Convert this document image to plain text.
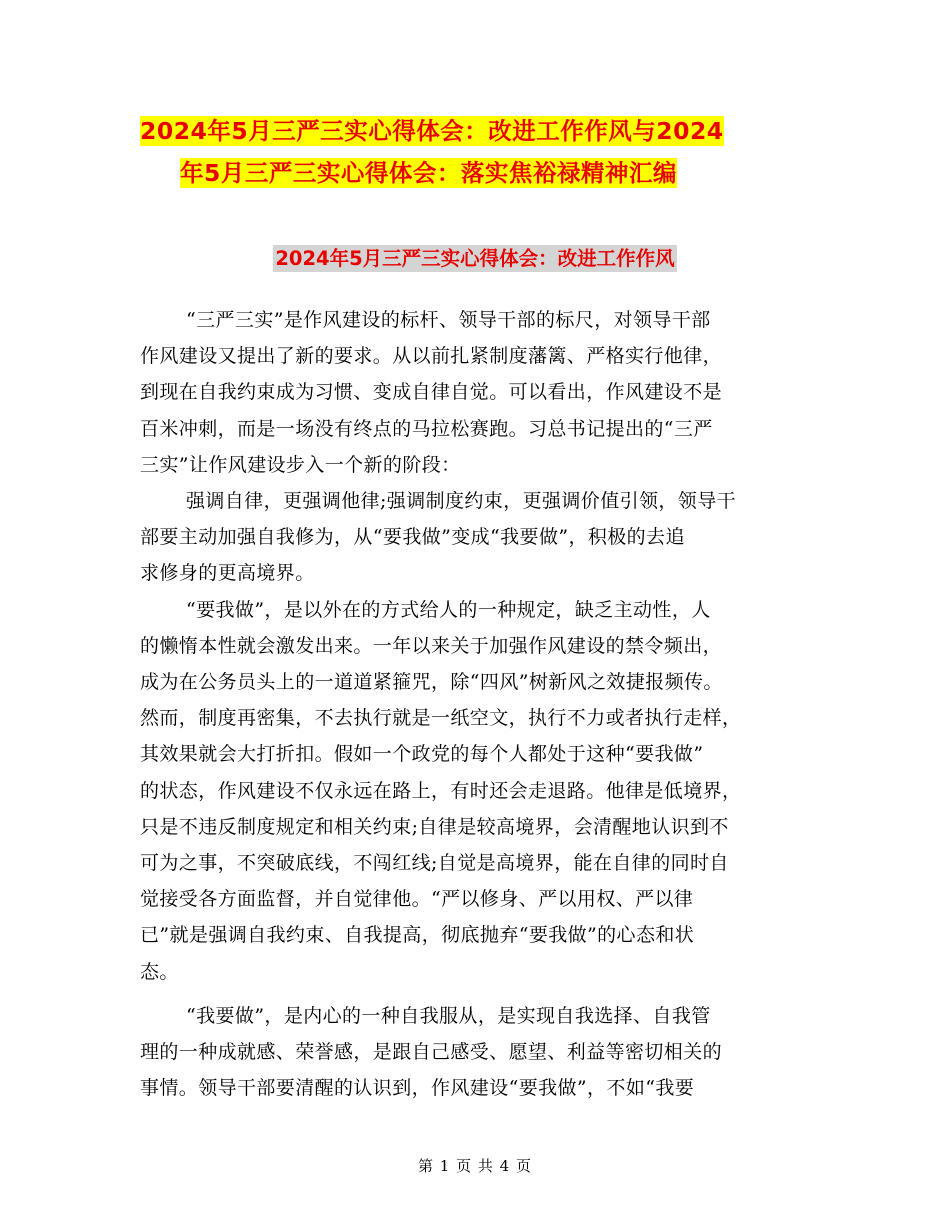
2024年5月三严三实心得体会：改进工作作风与2024
年5月三严三实心得体会：落实焦裕禄精神汇编
2024年5月三严三实心得体会：改进工作作风
“三严三实”是作风建设的标杆、领导干部的标尺，对领导干部
作风建设又提出了新的要求。从以前扎紧制度藩篱、严格实行他律，
到现在自我约束成为习惯、变成自律自觉。可以看出，作风建设不是
百米冲刺，而是一场没有终点的马拉松赛跑。习总书记提出的“三严
三实”让作风建设步入一个新的阶段：
强调自律，更强调他律;强调制度约束，更强调价值引领，领导干
部要主动加强自我修为，从“要我做”变成“我要做”，积极的去追
求修身的更高境界。
“要我做”，是以外在的方式给人的一种规定，缺乏主动性，人
的懒惰本性就会激发出来。一年以来关于加强作风建设的禁令频出，
成为在公务员头上的一道道紧箍咒，除“四风”树新风之效捷报频传。
然而，制度再密集，不去执行就是一纸空文，执行不力或者执行走样，
其效果就会大打折扣。假如一个政党的每个人都处于这种“要我做”
的状态，作风建设不仅永远在路上，有时还会走退路。他律是低境界，
只是不违反制度规定和相关约束;自律是较高境界，会清醒地认识到不
可为之事，不突破底线，不闯红线;自觉是高境界，能在自律的同时自
觉接受各方面监督，并自觉律他。“严以修身、严以用权、严以律
已”就是强调自我约束、自我提高，彻底抛弃“要我做”的心态和状
态。
“我要做”，是内心的一种自我服从，是实现自我选择、自我管
理的一种成就感、荣誉感，是跟自己感受、愿望、利益等密切相关的
事情。领导干部要清醒的认识到，作风建设“要我做”，不如“我要
第 1 页 共 4 页
